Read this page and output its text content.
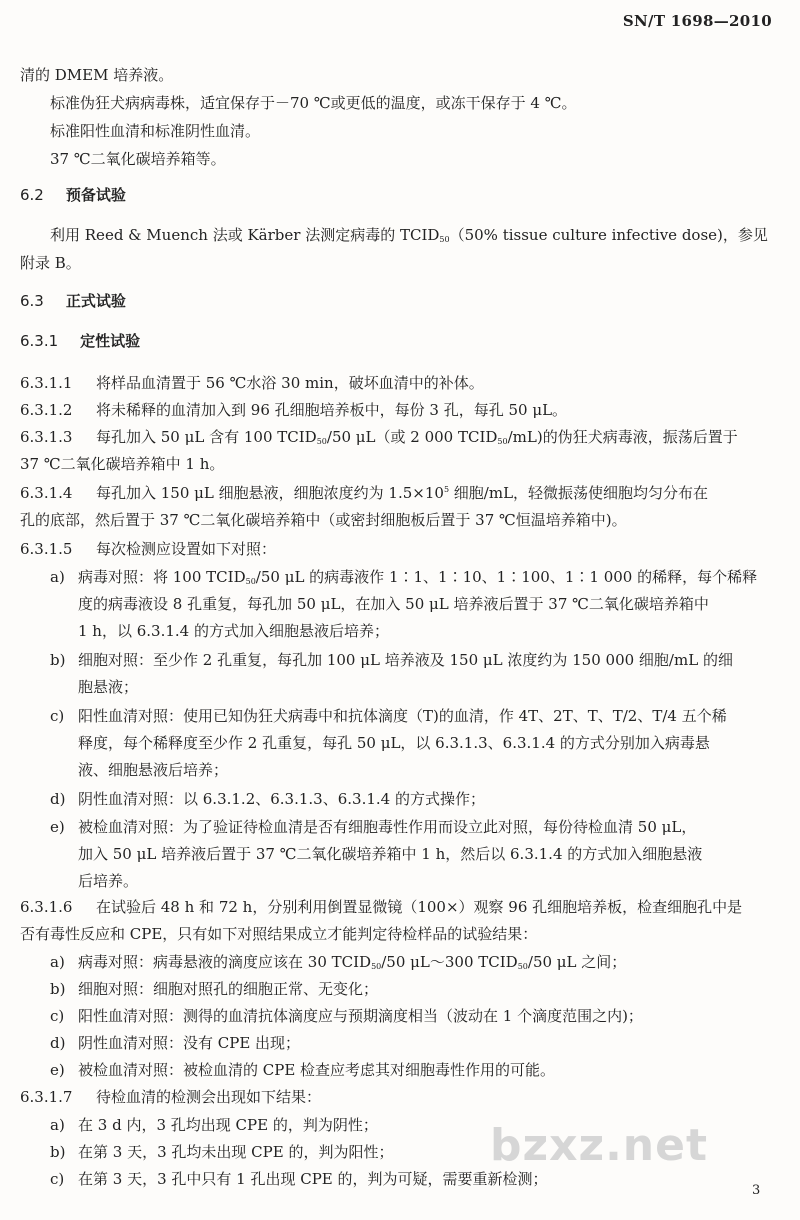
SN/T 1698—2010
清的 DMEM 培养液。
标准伪狂犬病病毒株，适宜保存于－70 ℃或更低的温度，或冻干保存于 4 ℃。
标准阳性血清和标准阴性血清。
37 ℃二氧化碳培养箱等。
6.2 预备试验
利用 Reed & Muench 法或 Kärber 法测定病毒的 $TCID_{50}(50\%$ tissue culture infective dose)，参见
附录 B。
6.3 正式试验
6.3.1 定性试验
6.3.1.1 将样品血清置于 56 ℃水浴 30 min，破坏血清中的补体。
6.3.1.2 将未稀释的血清加入到 96 孔细胞培养板中，每份 3 孔，每孔 50 μL。
6.3.1.3 每孔加入 50 μL 含有 100 $TCID_{50}/50$ μL（或 2 000 $TCID_{50}/mL$)的伪狂犬病毒液，振荡后置于
37 ℃二氧化碳培养箱中 1 h。
6.3.1.4 每孔加入 150 μL 细胞悬液，细胞浓度约为 $1.5\times 10^5$ 细胞/mL，轻微振荡使细胞均匀分布在
孔的底部，然后置于 37 ℃二氧化碳培养箱中（或密封细胞板后置于 37 ℃恒温培养箱中)。
6.3.1.5 每次检测应设置如下对照：
a) 病毒对照：将 100 $TCID_{50}/50$ μL 的病毒液作 1∶1、1∶10、1∶100、1∶1 000 的稀释，每个稀释
度的病毒液设 8 孔重复，每孔加 50 μL，在加入 50 μL 培养液后置于 37 ℃二氧化碳培养箱中
1 h，以 6.3.1.4 的方式加入细胞悬液后培养；
b) 细胞对照：至少作 2 孔重复，每孔加 100 μL 培养液及 150 μL 浓度约为 150 000 细胞/mL 的细
胞悬液；
c) 阳性血清对照：使用已知伪狂犬病毒中和抗体滴度（T)的血清，作 4T、2T、T、T/2、T/4 五个稀
释度，每个稀释度至少作 2 孔重复，每孔 50 μL，以 6.3.1.3、6.3.1.4 的方式分别加入病毒悬
液、细胞悬液后培养；
d) 阴性血清对照：以 6.3.1.2、6.3.1.3、6.3.1.4 的方式操作；
e) 被检血清对照：为了验证待检血清是否有细胞毒性作用而设立此对照，每份待检血清 50 μL，
加入 50 μL 培养液后置于 37 ℃二氧化碳培养箱中 1 h，然后以 6.3.1.4 的方式加入细胞悬液
后培养。
6.3.1.6 在试验后 48 h 和 72 h，分别利用倒置显微镜（100×）观察 96 孔细胞培养板，检查细胞孔中是
否有毒性反应和 CPE，只有如下对照结果成立才能判定待检样品的试验结果：
a) 病毒对照：病毒悬液的滴度应该在 30 $TCID_{50}/50$ μL～300 $TCID_{50}/50$ μL 之间；
b) 细胞对照：细胞对照孔的细胞正常、无变化；
c) 阳性血清对照：测得的血清抗体滴度应与预期滴度相当（波动在 1 个滴度范围之内)；
d) 阴性血清对照：没有 CPE 出现；
e) 被检血清对照：被检血清的 CPE 检查应考虑其对细胞毒性作用的可能。
6.3.1.7 待检血清的检测会出现如下结果：
bzxz.net
a) 在 3 d 内，3 孔均出现 CPE 的，判为阴性；
b) 在第 3 天，3 孔均未出现 CPE 的，判为阳性；
c) 在第 3 天，3 孔中只有 1 孔出现 CPE 的，判为可疑，需要重新检测；
3
